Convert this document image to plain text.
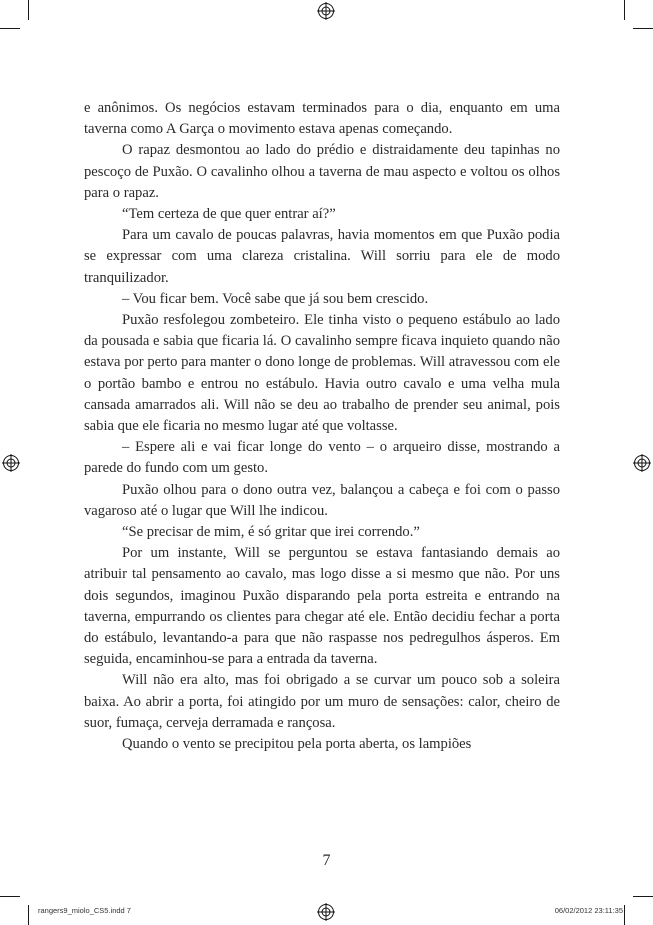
e anônimos. Os negócios estavam terminados para o dia, enquanto em uma taverna como A Garça o movimento estava apenas começando.

O rapaz desmontou ao lado do prédio e distraidamente deu tapinhas no pescoço de Puxão. O cavalinho olhou a taverna de mau aspecto e voltou os olhos para o rapaz.

“Tem certeza de que quer entrar aí?”

Para um cavalo de poucas palavras, havia momentos em que Puxão podia se expressar com uma clareza cristalina. Will sorriu para ele de modo tranquilizador.

– Vou ficar bem. Você sabe que já sou bem crescido.

Puxão resfolegou zombeteiro. Ele tinha visto o pequeno estábulo ao lado da pousada e sabia que ficaria lá. O cavalinho sempre ficava inquieto quando não estava por perto para manter o dono longe de problemas. Will atravessou com ele o portão bambo e entrou no estábulo. Havia outro cavalo e uma velha mula cansada amarrados ali. Will não se deu ao trabalho de prender seu animal, pois sabia que ele ficaria no mesmo lugar até que voltasse.

– Espere ali e vai ficar longe do vento – o arqueiro disse, mostrando a parede do fundo com um gesto.

Puxão olhou para o dono outra vez, balançou a cabeça e foi com o passo vagaroso até o lugar que Will lhe indicou.

“Se precisar de mim, é só gritar que irei correndo.”

Por um instante, Will se perguntou se estava fantasiando demais ao atribuir tal pensamento ao cavalo, mas logo disse a si mesmo que não. Por uns dois segundos, imaginou Puxão disparando pela porta estreita e entrando na taverna, empurrando os clientes para chegar até ele. Então decidiu fechar a porta do estábulo, levantando-a para que não raspasse nos pedregulhos ásperos. Em seguida, encaminhou-se para a entrada da taverna.

Will não era alto, mas foi obrigado a se curvar um pouco sob a soleira baixa. Ao abrir a porta, foi atingido por um muro de sensações: calor, cheiro de suor, fumaça, cerveja derramada e rançosa.

Quando o vento se precipitou pela porta aberta, os lampiões

7
rangers9_miolo_CS5.indd 7	06/02/2012 23:11:35
